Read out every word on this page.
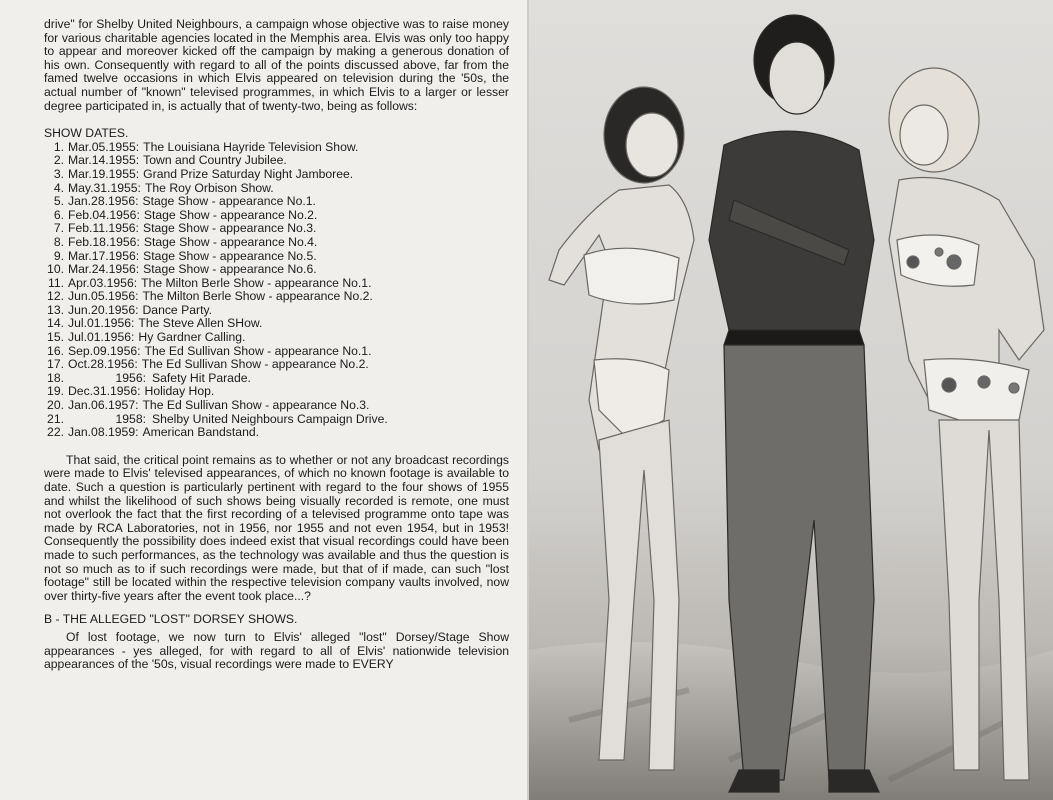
drive" for Shelby United Neighbours, a campaign whose objective was to raise money for various charitable agencies located in the Memphis area. Elvis was only too happy to appear and moreover kicked off the campaign by making a generous donation of his own. Consequently with regard to all of the points discussed above, far from the famed twelve occasions in which Elvis appeared on television during the '50s, the actual number of "known" televised programmes, in which Elvis to a larger or lesser degree participated in, is actually that of twenty-two, being as follows:

SHOW DATES.
1. Mar.05.1955: The Louisiana Hayride Television Show.
2. Mar.14.1955: Town and Country Jubilee.
3. Mar.19.1955: Grand Prize Saturday Night Jamboree.
4. May.31.1955: The Roy Orbison Show.
5. Jan.28.1956: Stage Show - appearance No.1.
6. Feb.04.1956: Stage Show - appearance No.2.
7. Feb.11.1956: Stage Show - appearance No.3.
8. Feb.18.1956: Stage Show - appearance No.4.
9. Mar.17.1956: Stage Show - appearance No.5.
10. Mar.24.1956: Stage Show - appearance No.6.
11. Apr.03.1956: The Milton Berle Show - appearance No.1.
12. Jun.05.1956: The Milton Berle Show - appearance No.2.
13. Jun.20.1956: Dance Party.
14. Jul.01.1956: The Steve Allen SHow.
15. Jul.01.1956: Hy Gardner Calling.
16. Sep.09.1956: The Ed Sullivan Show - appearance No.1.
17. Oct.28.1956: The Ed Sullivan Show - appearance No.2.
18.	1956: Safety Hit Parade.
19. Dec.31.1956: Holiday Hop.
20. Jan.06.1957: The Ed Sullivan Show - appearance No.3.
21.	1958: Shelby United Neighbours Campaign Drive.
22. Jan.08.1959: American Bandstand.

That said, the critical point remains as to whether or not any broadcast recordings were made to Elvis' televised appearances, of which no known footage is available to date. Such a question is particularly pertinent with regard to the four shows of 1955 and whilst the likelihood of such shows being visually recorded is remote, one must not overlook the fact that the first recording of a televised programme onto tape was made by RCA Laboratories, not in 1956, nor 1955 and not even 1954, but in 1953! Consequently the possibility does indeed exist that visual recordings could have been made to such performances, as the technology was available and thus the question is not so much as to if such recordings were made, but that of if made, can such "lost footage" still be located within the respective television company vaults involved, now over thirty-five years after the event took place...?

B - THE ALLEGED "LOST" DORSEY SHOWS.

Of lost footage, we now turn to Elvis' alleged "lost" Dorsey/Stage Show appearances - yes alleged, for with regard to all of Elvis' nationwide television appearances of the '50s, visual recordings were made to EVERY
